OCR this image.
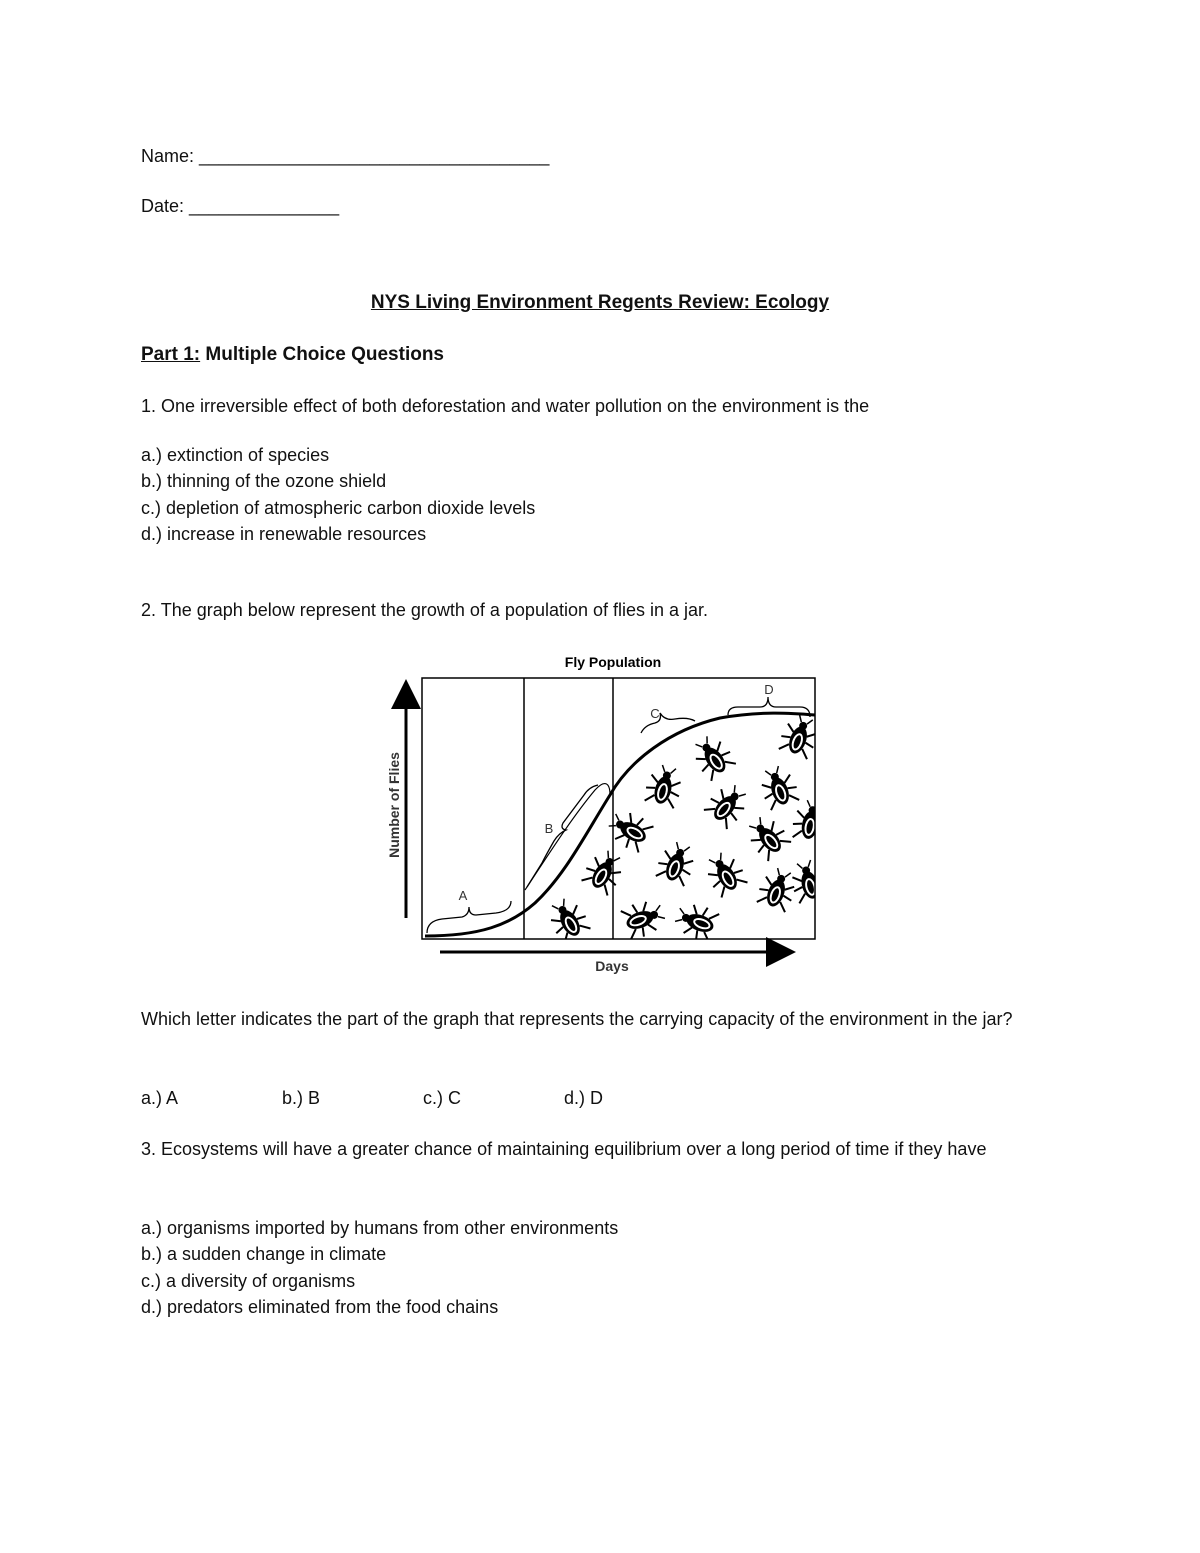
Name: ___________________________________
Date: _______________
NYS Living Environment Regents Review: Ecology
Part 1: Multiple Choice Questions
1. One irreversible effect of both deforestation and water pollution on the environment is the
a.) extinction of species
b.) thinning of the ozone shield
c.) depletion of atmospheric carbon dioxide levels
d.) increase in renewable resources
2. The graph below represent the growth of a population of flies in a jar.
Fly Population
A
B
C
D
Number of Flies
Days
Which letter indicates the part of the graph that represents the carrying capacity of the environment in the jar?
a.) A	b.) B	c.) C	d.) D
3. Ecosystems will have a greater chance of maintaining equilibrium over a long period of time if they have
a.) organisms imported by humans from other environments
b.) a sudden change in climate
c.) a diversity of organisms
d.) predators eliminated from the food chains
